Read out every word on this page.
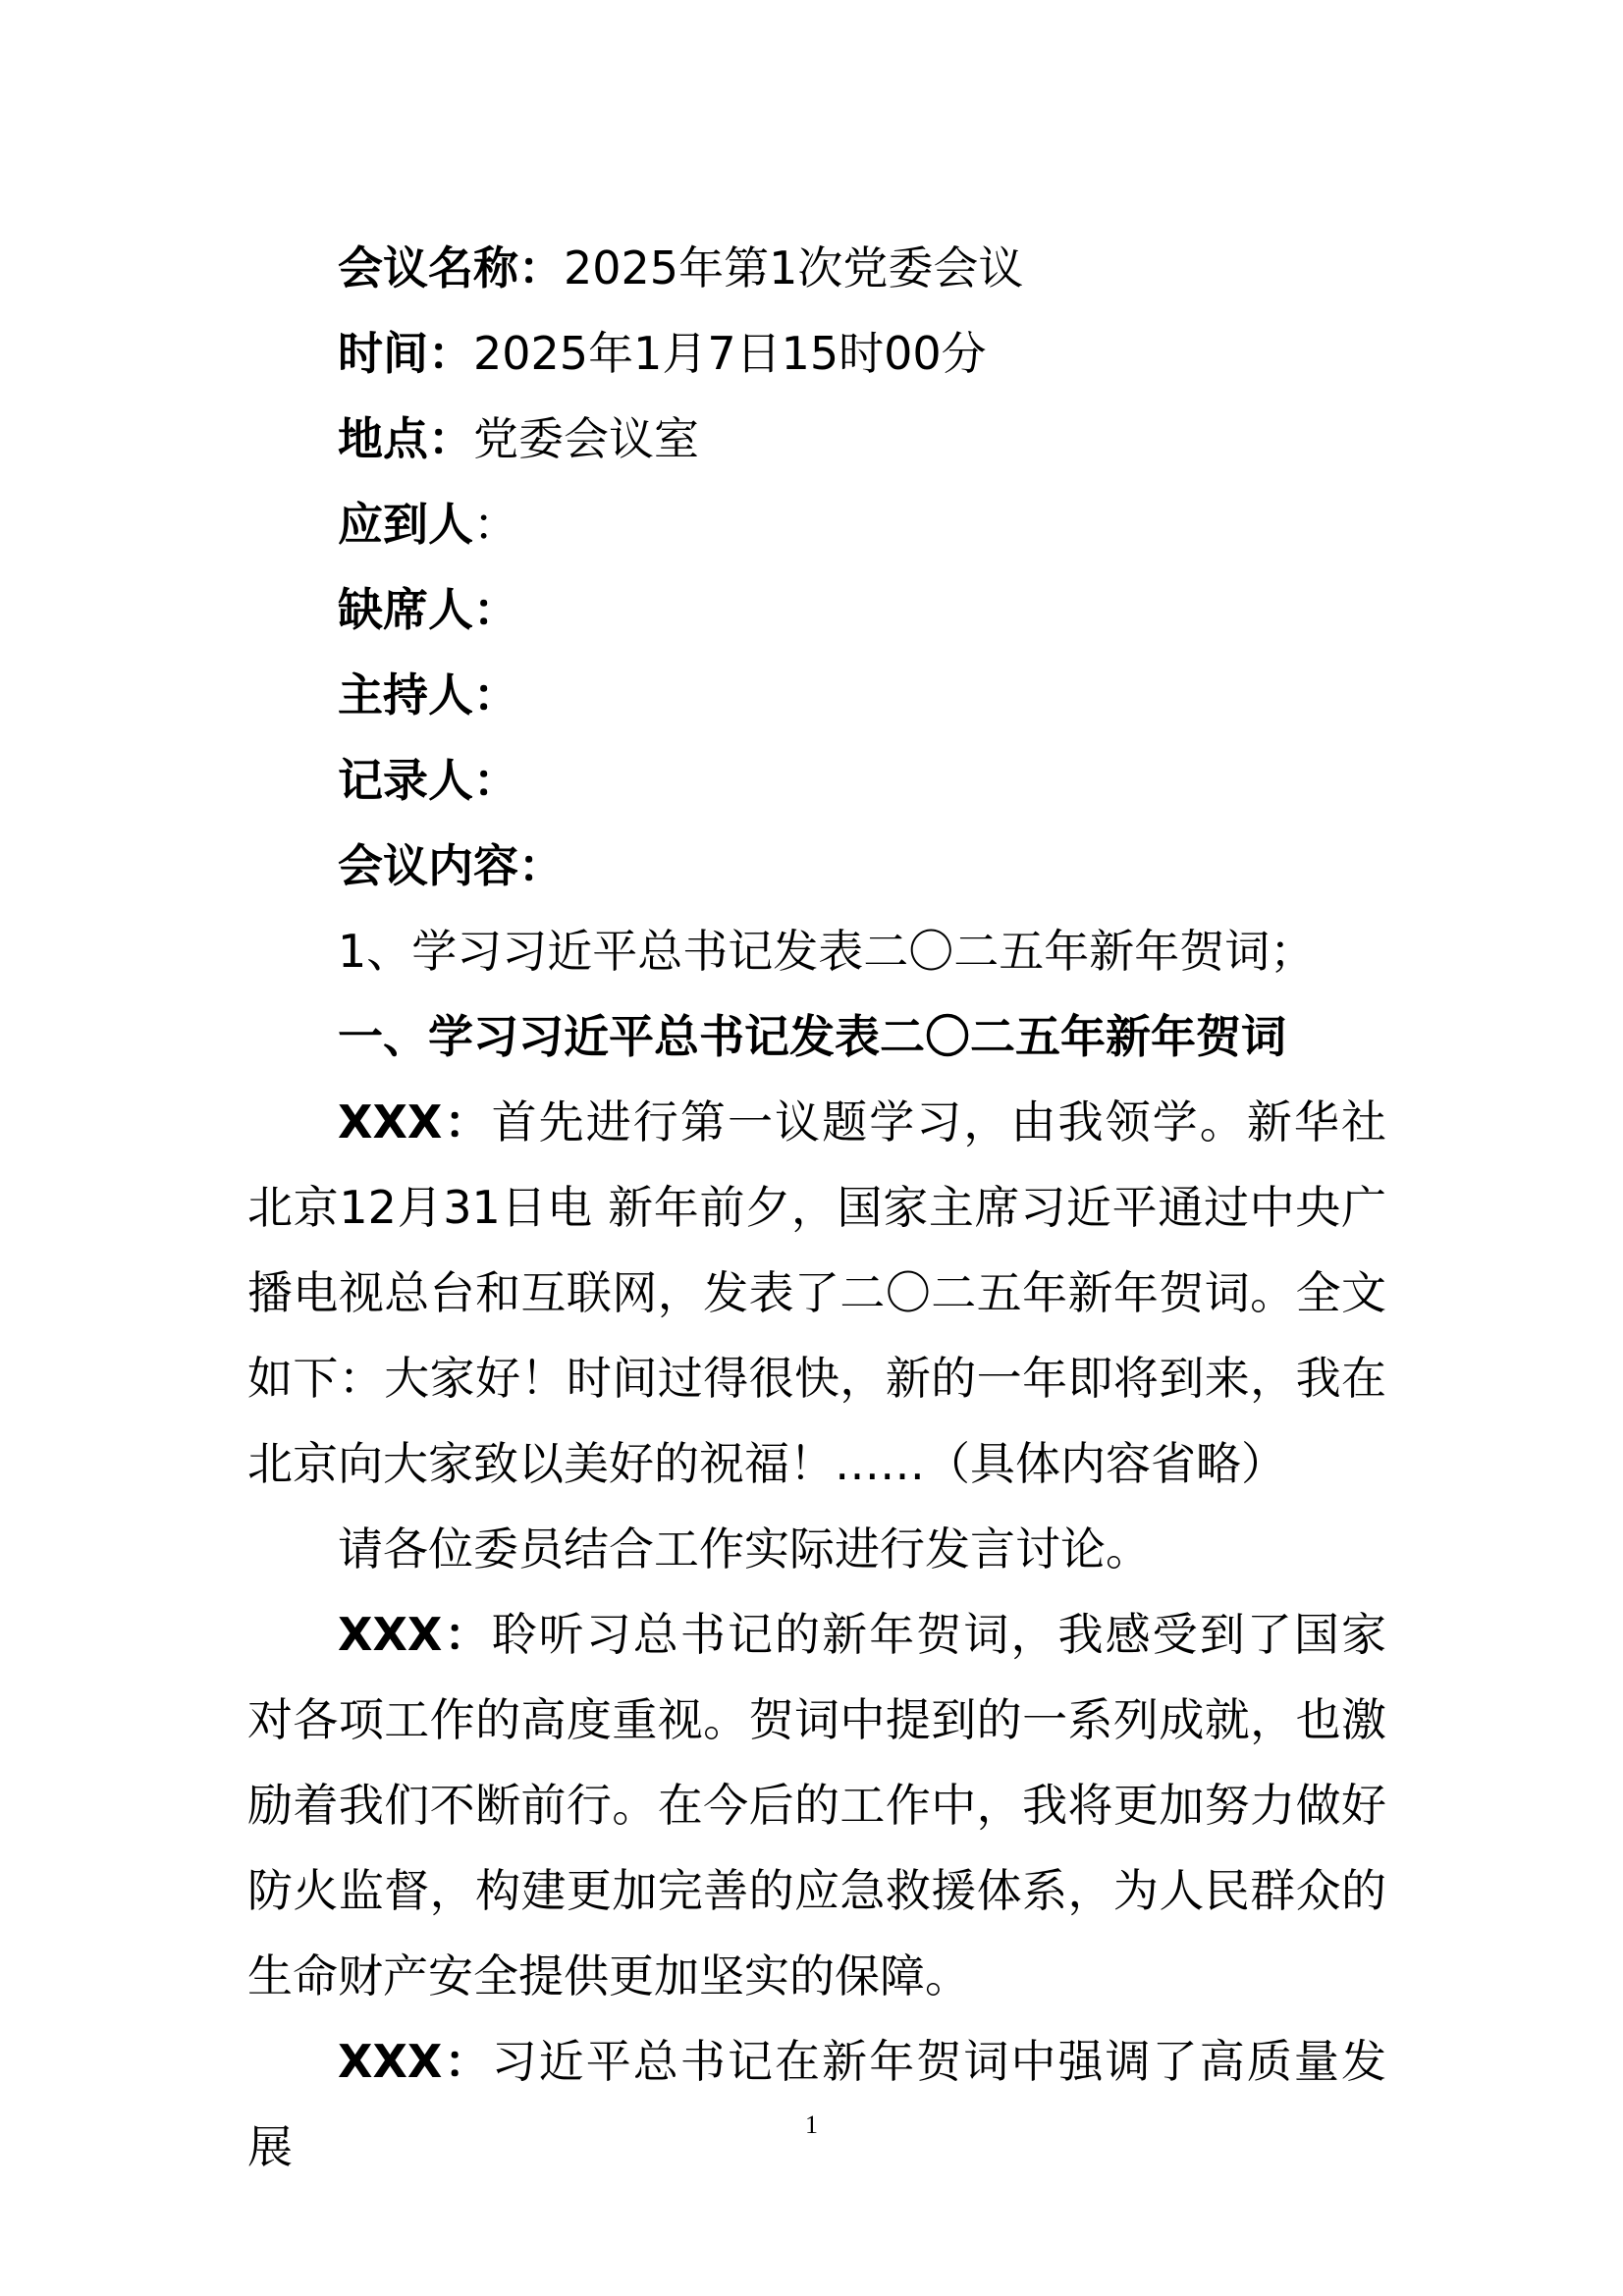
会议名称：2025年第1次党委会议

时间：2025年1月7日15时00分

地点：党委会议室

应到人：

缺席人：

主持人：

记录人：

会议内容：

1、学习习近平总书记发表二〇二五年新年贺词；

一、学习习近平总书记发表二〇二五年新年贺词

XXX：首先进行第一议题学习，由我领学。新华社北京12月31日电 新年前夕，国家主席习近平通过中央广播电视总台和互联网，发表了二〇二五年新年贺词。全文如下：大家好！时间过得很快，新的一年即将到来，我在北京向大家致以美好的祝福！……（具体内容省略）

请各位委员结合工作实际进行发言讨论。

XXX：聆听习总书记的新年贺词，我感受到了国家对各项工作的高度重视。贺词中提到的一系列成就，也激励着我们不断前行。在今后的工作中，我将更加努力做好防火监督，构建更加完善的应急救援体系，为人民群众的生命财产安全提供更加坚实的保障。

XXX：习近平总书记在新年贺词中强调了高质量发展	1
